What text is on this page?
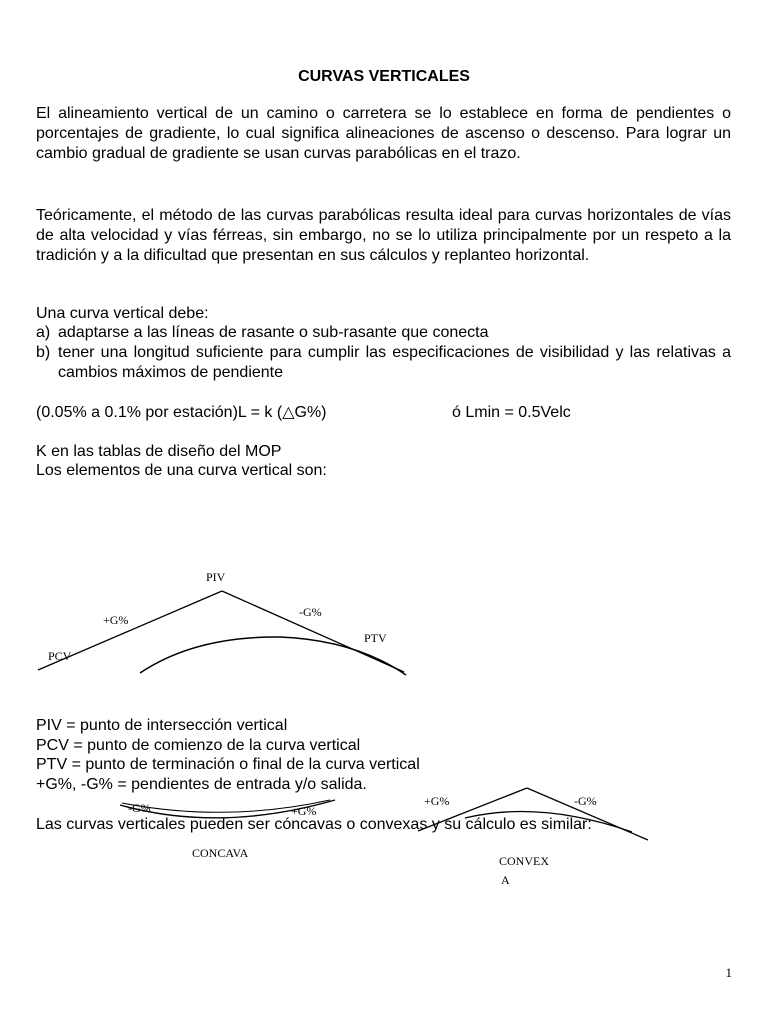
CURVAS VERTICALES
El alineamiento vertical de un camino o carretera se lo establece en forma de pendientes o porcentajes de gradiente, lo cual significa alineaciones de ascenso o descenso. Para lograr un cambio gradual de gradiente se usan curvas parabólicas en el trazo.
Teóricamente, el método de las curvas parabólicas resulta ideal para curvas horizontales de vías de alta velocidad y vías férreas, sin embargo, no se lo utiliza principalmente por un respeto a la tradición y a la dificultad que presentan en sus cálculos y replanteo horizontal.
Una curva vertical debe:
a) adaptarse a las líneas de rasante o sub-rasante que conecta
b) tener una longitud suficiente para cumplir las especificaciones de visibilidad y las relativas a cambios máximos de pendiente
(0.05% a 0.1% por estación)L = k (△G%)	ó Lmin = 0.5Velc
K en las tablas de diseño del MOP
Los elementos de una curva vertical son:
PIV
+G%
-G%
PTV
PCV
PIV = punto de intersección vertical
PCV = punto de comienzo de la curva vertical
PTV = punto de terminación o final de la curva vertical
+G%, -G% = pendientes de entrada y/o salida.
Las curvas verticales pueden ser cóncavas o convexas y su cálculo es similar:
-G%	+G%
CONCAVA
+G%	-G%
CONVEX
A
1
